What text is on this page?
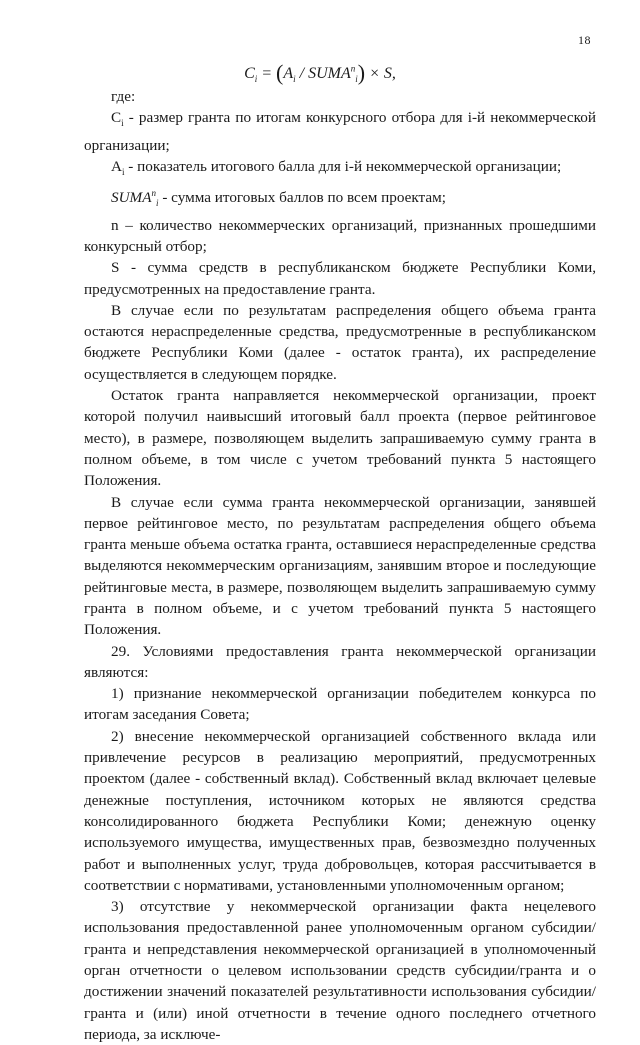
18
$C_i = (A_i$ / $SUMA^n_i) \times S$,

где:

$C_i$ - размер гранта по итогам конкурсного отбора для i-й некоммерческой организации;

$A_i$ - показатель итогового балла для i-й некоммерческой организации;

$SUMA^n_i$ - сумма итоговых баллов по всем проектам;

n – количество некоммерческих организаций, признанных прошедшими конкурсный отбор;

S - сумма средств в республиканском бюджете Республики Коми, предусмотренных на предоставление гранта.

В случае если по результатам распределения общего объема гранта остаются нераспределенные средства, предусмотренные в республиканском бюджете Республики Коми (далее - остаток гранта), их распределение осуществляется в следующем порядке.

Остаток гранта направляется некоммерческой организации, проект которой получил наивысший итоговый балл проекта (первое рейтинговое место), в размере, позволяющем выделить запрашиваемую сумму гранта в полном объеме, в том числе с учетом требований пункта 5 настоящего Положения.

В случае если сумма гранта некоммерческой организации, занявшей первое рейтинговое место, по результатам распределения общего объема гранта меньше объема остатка гранта, оставшиеся нераспределенные средства выделяются некоммерческим организациям, занявшим второе и последующие рейтинговые места, в размере, позволяющем выделить запрашиваемую сумму гранта в полном объеме, и с учетом требований пункта 5 настоящего Положения.

29. Условиями предоставления гранта некоммерческой организации являются:

1) признание некоммерческой организации победителем конкурса по итогам заседания Совета;

2) внесение некоммерческой организацией собственного вклада или привлечение ресурсов в реализацию мероприятий, предусмотренных проектом (далее - собственный вклад). Собственный вклад включает целевые денежные поступления, источником которых не являются средства консолидированного бюджета Республики Коми; денежную оценку используемого имущества, имущественных прав, безвозмездно полученных работ и выполненных услуг, труда добровольцев, которая рассчитывается в соответствии с нормативами, установленными уполномоченным органом;

3) отсутствие у некоммерческой организации факта нецелевого использования предоставленной ранее уполномоченным органом субсидии/гранта и непредставления некоммерческой организацией в уполномоченный орган отчетности о целевом использовании средств субсидии/гранта и о достижении значений показателей результативности использования субсидии/гранта и (или) иной отчетности в течение одного последнего отчетного периода, за исключе-
